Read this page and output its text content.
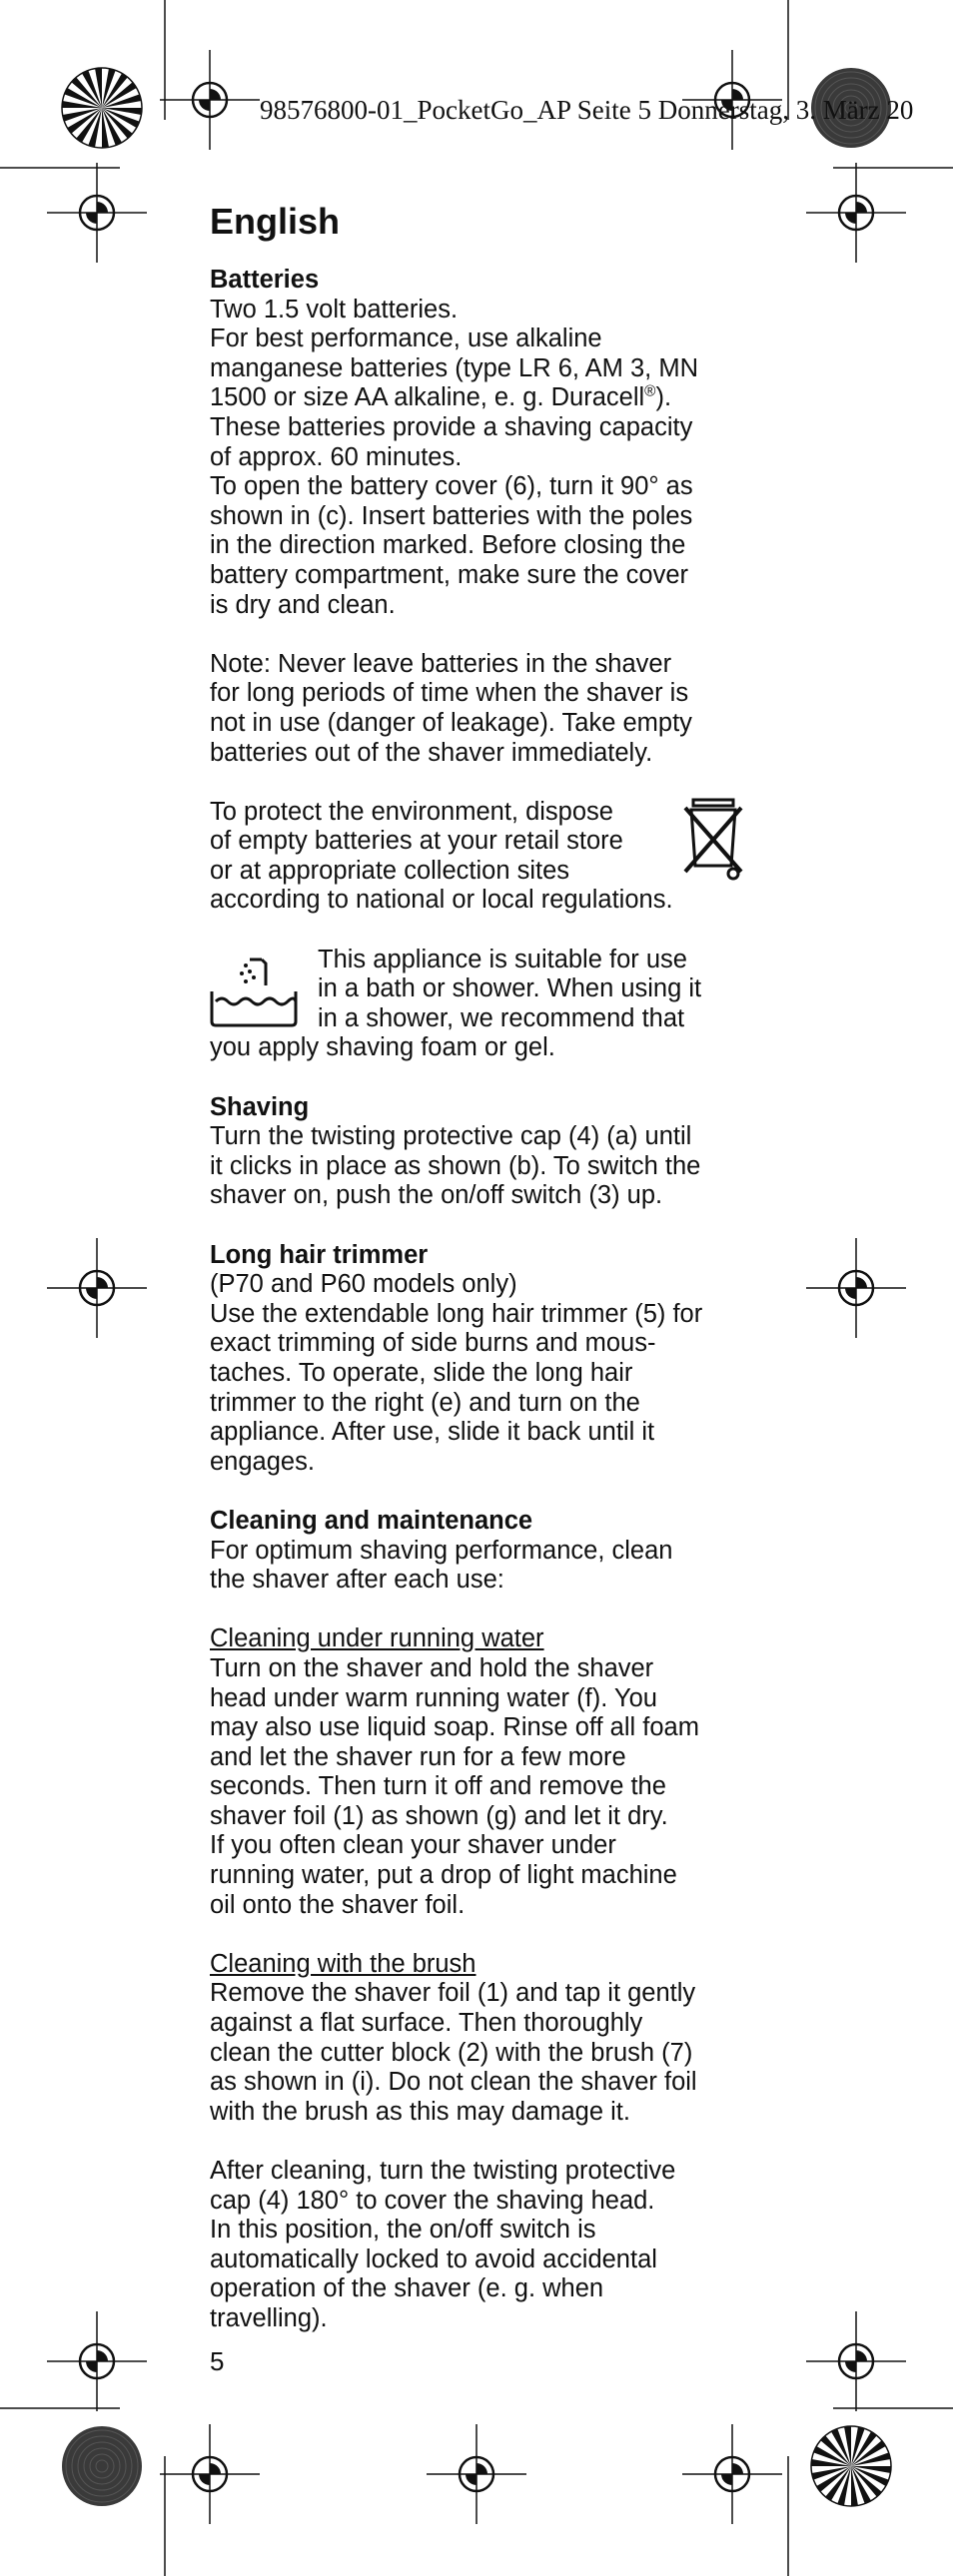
98576800-01_PocketGo_AP Seite 5 Donnerstag, 3. März 20
English
Batteries
Two 1.5 volt batteries.
For best performance, use alkaline
manganese batteries (type LR 6, AM 3, MN
1500 or size AA alkaline, e. g. Duracell®).
These batteries provide a shaving capacity
of approx. 60 minutes.
To open the battery cover (6), turn it 90° as
shown in (c). Insert batteries with the poles
in the direction marked. Before closing the
battery compartment, make sure the cover
is dry and clean.
Note: Never leave batteries in the shaver
for long periods of time when the shaver is
not in use (danger of leakage). Take empty
batteries out of the shaver immediately.
To protect the environment, dispose
of empty batteries at your retail store
or at appropriate collection sites
according to national or local regulations.
This appliance is suitable for use
in a bath or shower. When using it
in a shower, we recommend that
you apply shaving foam or gel.
Shaving
Turn the twisting protective cap (4) (a) until
it clicks in place as shown (b). To switch the
shaver on, push the on/off switch (3) up.
Long hair trimmer
(P70 and P60 models only)
Use the extendable long hair trimmer (5) for
exact trimming of side burns and mous-
taches. To operate, slide the long hair
trimmer to the right (e) and turn on the
appliance. After use, slide it back until it
engages.
Cleaning and maintenance
For optimum shaving performance, clean
the shaver after each use:
Cleaning under running water
Turn on the shaver and hold the shaver
head under warm running water (f). You
may also use liquid soap. Rinse off all foam
and let the shaver run for a few more
seconds. Then turn it off and remove the
shaver foil (1) as shown (g) and let it dry.
If you often clean your shaver under
running water, put a drop of light machine
oil onto the shaver foil.
Cleaning with the brush
Remove the shaver foil (1) and tap it gently
against a flat surface. Then thoroughly
clean the cutter block (2) with the brush (7)
as shown in (i). Do not clean the shaver foil
with the brush as this may damage it.
After cleaning, turn the twisting protective
cap (4) 180° to cover the shaving head.
In this position, the on/off switch is
automatically locked to avoid accidental
operation of the shaver (e. g. when
travelling).
5
